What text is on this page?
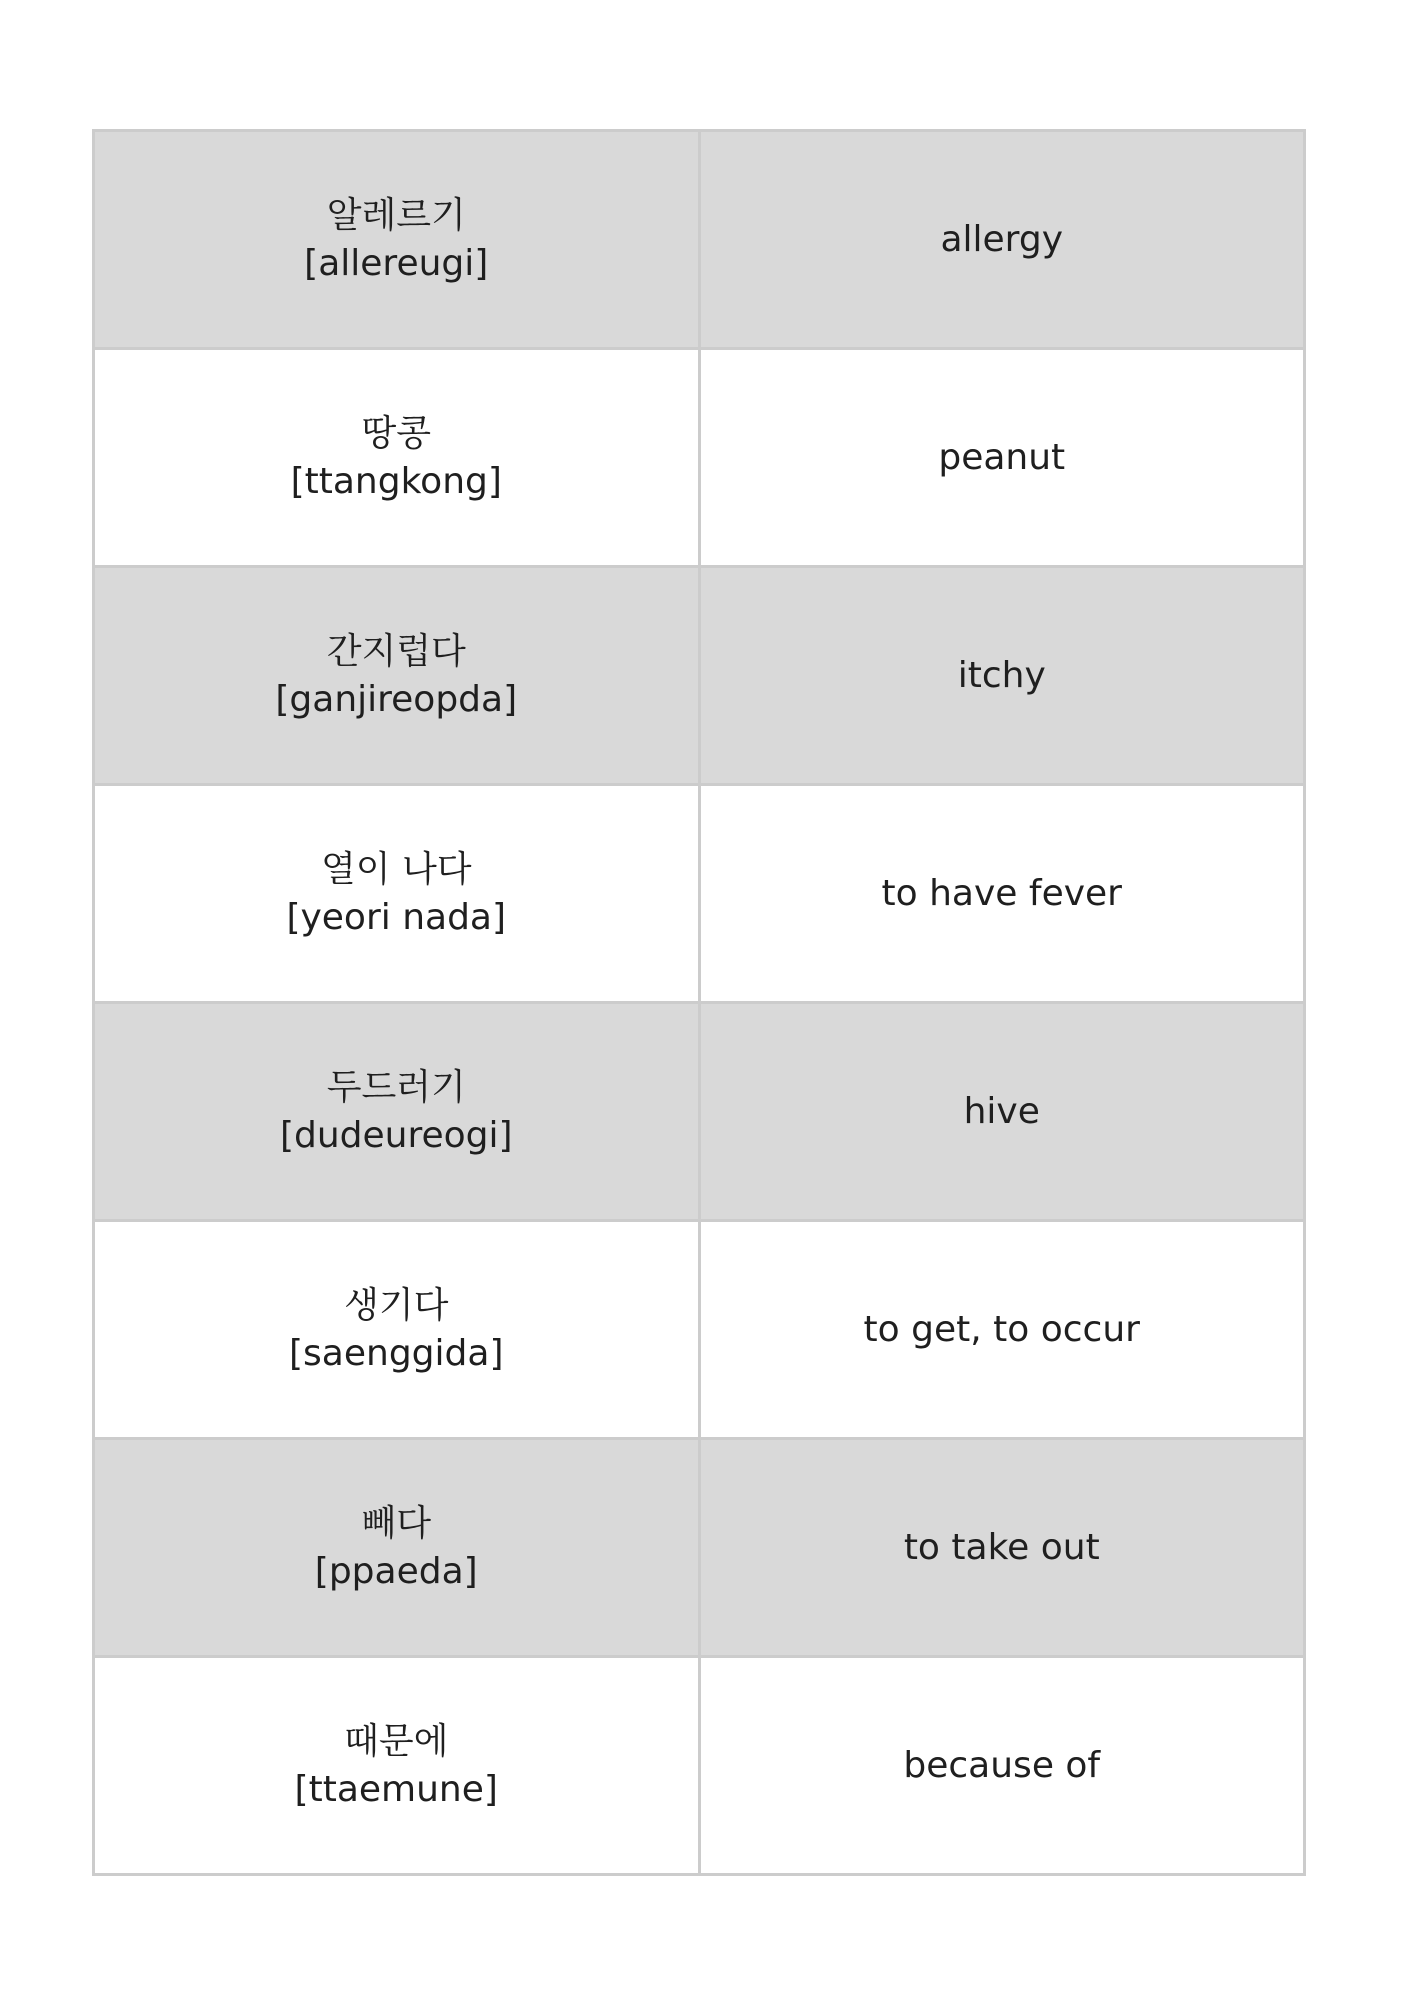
알레르기
[allereugi]	allergy

땅콩
[ttangkong]	peanut

간지럽다
[ganjireopda]	itchy

열이 나다
[yeori nada]	to have fever

두드러기
[dudeureogi]	hive

생기다
[saenggida]	to get, to occur

빼다
[ppaeda]	to take out

때문에
[ttaemune]	because of
